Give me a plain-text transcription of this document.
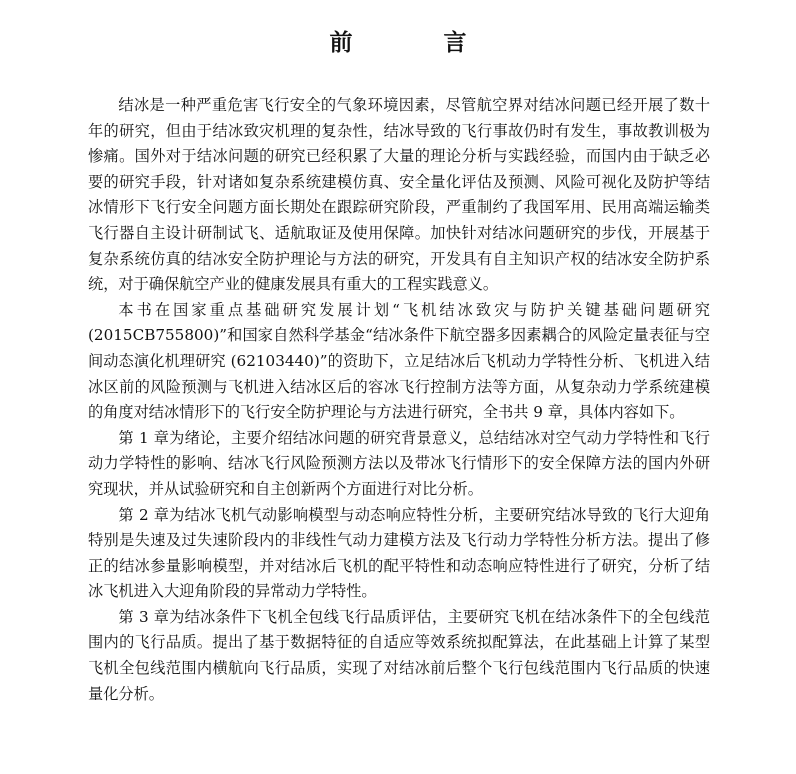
前　言

结冰是一种严重危害飞行安全的气象环境因素，尽管航空界对结冰问题已经开展了数十年的研究，但由于结冰致灾机理的复杂性，结冰导致的飞行事故仍时有发生，事故教训极为惨痛。国外对于结冰问题的研究已经积累了大量的理论分析与实践经验，而国内由于缺乏必要的研究手段，针对诸如复杂系统建模仿真、安全量化评估及预测、风险可视化及防护等结冰情形下飞行安全问题方面长期处在跟踪研究阶段，严重制约了我国军用、民用高端运输类飞行器自主设计研制试飞、适航取证及使用保障。加快针对结冰问题研究的步伐，开展基于复杂系统仿真的结冰安全防护理论与方法的研究，开发具有自主知识产权的结冰安全防护系统，对于确保航空产业的健康发展具有重大的工程实践意义。

本书在国家重点基础研究发展计划“飞机结冰致灾与防护关键基础问题研究(2015CB755800)”和国家自然科学基金“结冰条件下航空器多因素耦合的风险定量表征与空间动态演化机理研究 (62103440)”的资助下，立足结冰后飞机动力学特性分析、飞机进入结冰区前的风险预测与飞机进入结冰区后的容冰飞行控制方法等方面，从复杂动力学系统建模的角度对结冰情形下的飞行安全防护理论与方法进行研究，全书共 9 章，具体内容如下。

第 1 章为绪论，主要介绍结冰问题的研究背景意义，总结结冰对空气动力学特性和飞行动力学特性的影响、结冰飞行风险预测方法以及带冰飞行情形下的安全保障方法的国内外研究现状，并从试验研究和自主创新两个方面进行对比分析。

第 2 章为结冰飞机气动影响模型与动态响应特性分析，主要研究结冰导致的飞行大迎角特别是失速及过失速阶段内的非线性气动力建模方法及飞行动力学特性分析方法。提出了修正的结冰参量影响模型，并对结冰后飞机的配平特性和动态响应特性进行了研究，分析了结冰飞机进入大迎角阶段的异常动力学特性。

第 3 章为结冰条件下飞机全包线飞行品质评估，主要研究飞机在结冰条件下的全包线范围内的飞行品质。提出了基于数据特征的自适应等效系统拟配算法，在此基础上计算了某型飞机全包线范围内横航向飞行品质，实现了对结冰前后整个飞行包线范围内飞行品质的快速量化分析。
